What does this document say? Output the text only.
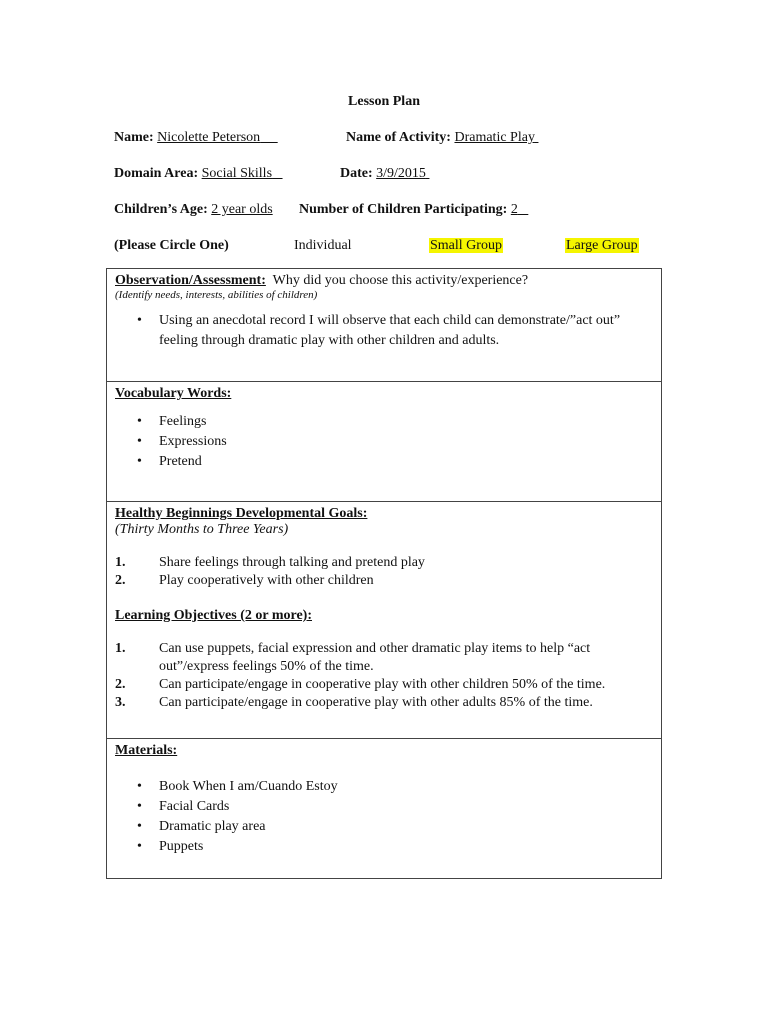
Lesson Plan
Name: Nicolette Peterson	Name of Activity: Dramatic Play
Domain Area: Social Skills	Date: 3/9/2015
Children’s Age: 2 year olds Number of Children Participating: 2
(Please Circle One)	Individual	Small Group	Large Group
Observation/Assessment: Why did you choose this activity/experience?
(Identify needs, interests, abilities of children)
• Using an anecdotal record I will observe that each child can demonstrate/”act out” feeling through dramatic play with other children and adults.
Vocabulary Words:
• Feelings
• Expressions
• Pretend
Healthy Beginnings Developmental Goals:
(Thirty Months to Three Years)
1. Share feelings through talking and pretend play
2. Play cooperatively with other children
Learning Objectives (2 or more):
1. Can use puppets, facial expression and other dramatic play items to help “act out”/express feelings 50% of the time.
2. Can participate/engage in cooperative play with other children 50% of the time.
3. Can participate/engage in cooperative play with other adults 85% of the time.
Materials:
• Book When I am/Cuando Estoy
• Facial Cards
• Dramatic play area
• Puppets
